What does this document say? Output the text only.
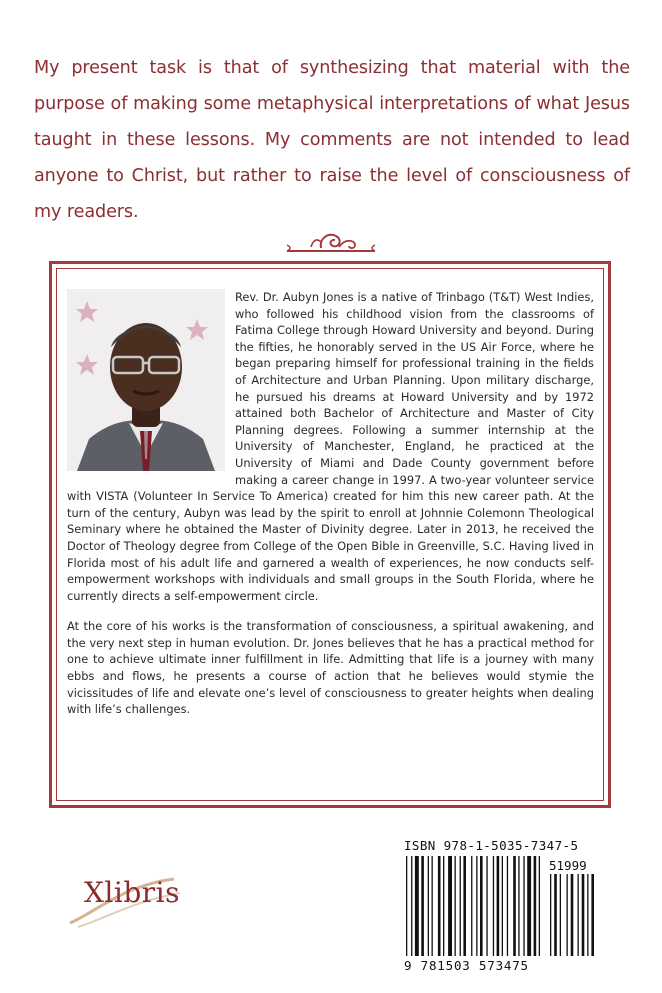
My present task is that of synthesizing that material with the purpose of making some metaphysical interpretations of what Jesus taught in these lessons. My comments are not intended to lead anyone to Christ, but rather to raise the level of consciousness of my readers.

Rev. Dr. Aubyn Jones is a native of Trinbago (T&T) West Indies, who followed his childhood vision from the classrooms of Fatima College through Howard University and beyond. During the fifties, he honorably served in the US Air Force, where he began preparing himself for professional training in the fields of Architecture and Urban Planning. Upon military discharge, he pursued his dreams at Howard University and by 1972 attained both Bachelor of Architecture and Master of City Planning degrees. Following a summer internship at the University of Manchester, England, he practiced at the University of Miami and Dade County government before making a career change in 1997. A two-year volunteer service with VISTA (Volunteer In Service To America) created for him this new career path. At the turn of the century, Aubyn was lead by the spirit to enroll at Johnnie Colemonn Theological Seminary where he obtained the Master of Divinity degree. Later in 2013, he received the Doctor of Theology degree from College of the Open Bible in Greenville, S.C. Having lived in Florida most of his adult life and garnered a wealth of experiences, he now conducts self-empowerment workshops with individuals and small groups in the South Florida, where he currently directs a self-empowerment circle.

At the core of his works is the transformation of consciousness, a spiritual awakening, and the very next step in human evolution. Dr. Jones believes that he has a practical method for one to achieve ultimate inner fulfillment in life. Admitting that life is a journey with many ebbs and flows, he presents a course of action that he believes would stymie the vicissitudes of life and elevate one’s level of consciousness to greater heights when dealing with life’s challenges.

ISBN 978-1-5035-7347-5
51999
9 781503 573475
Xlibris
